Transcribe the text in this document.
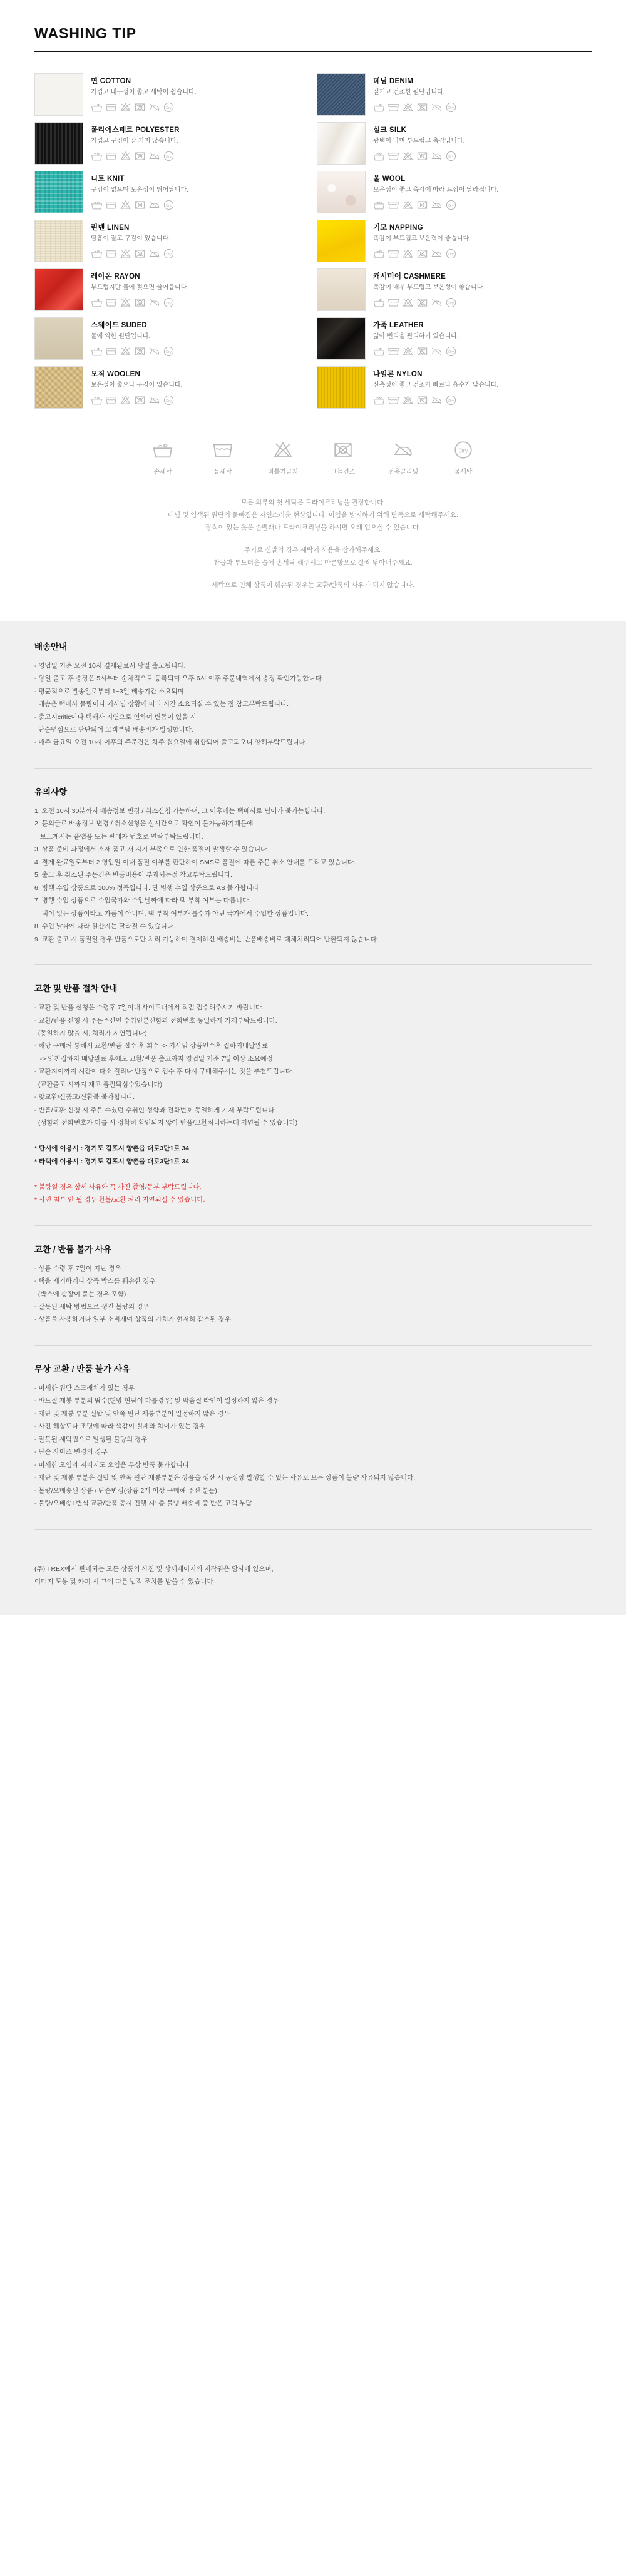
WASHING TIP
면 COTTON
가볍고 내구성이 좋고 세탁이 쉽습니다.
Dry
데님 DENIM
질기고 건조한 원단입니다.
Dry
폴리에스테르 POLYESTER
가볍고 구김이 잘 가지 않습니다.
Dry
실크 SILK
광택이 나며 부드럽고 촉감입니다.
Dry
니트 KNIT
구김이 없으며 보온성이 뛰어납니다.
Dry
울 WOOL
보온성이 좋고 촉감에 따라 느낌이 달라집니다.
Dry
린넨 LINEN
땀흡이 잘고 구김이 있습니다.
Dry
기모 NAPPING
촉감이 부드럽고 보온력이 좋습니다.
Dry
레이온 RAYON
부드럽지만 물에 젖으면 줄어듭니다.
Dry
캐시미어 CASHMERE
촉감이 매우 부드럽고 보온성이 좋습니다.
Dry
스웨이드 SUDED
물에 약한 원단입니다.
Dry
가죽 LEATHER
얇아 변리율 관리하기 있습니다.
Dry
모직 WOOLEN
보온성이 좋으나 구김이 있습니다.
Dry
나일론 NYLON
신축성이 좋고 건조가 빠르나 흡수가 낮습니다.
Dry
손세탁	물세탁	비틀기금지	그늘건조	전용클리닝
Dry
물세탁

모든 의류의 첫 세탁은 드라이크리닝을 권장합니다.

데님 및 염색된 원단의 물빠짐은 자연스러운 현상입니다. 이염을 방지하기 위해 단독으로 세탁해주세요.

장식이 있는 옷은 손빨래나 드라이크리닝을 하시면 오래 입으실 수 있습니다.

주기로 신발의 경우 세탁기 사용을 삼가해주세요.

찬물과 부드러운 솔에 손세탁 해주시고 마른항으로 살짝 닦아내주세요.

세탁으로 인해 상품이 훼손된 경우는 교환/반품의 사유가 되지 않습니다.

배송안내
- 영업일 기준 오전 10시 결제완료시 당일 출고됩니다.
- 당일 출고 후 송장은 5시부터 순차적으로 등록되며 오후 6시 이후 주문내역에서 송장 확인가능합니다.
- 평균적으로 발송일로부터 1~3일 배송기간 소요되며
배송은 택배사 물량이나 기사님 상황에 따라 시간 소요되실 수 있는 점 참고부탁드립니다.
- 출고시critic이나 택배사 지연으로 인하여 변동이 있을 시
단순변심으로 판단되어 고객부담 배송비가 발생합니다.
- 매주 금요일 오전 10시 이후의 주문건은 차주 월요일에 취합되어 출고되오니 양해부탁드립니다.
유의사항
1. 오전 10시 30분까지 배송정보 변경 / 취소신청 가능하며, 그 이후에는 택배사로 넘어가 불가능합니다.
2. 문의글로 배송정보 변경 / 취소신청은 실시간으로 확인이 불가능하기때문에
보고계시는 품앱품 또는 판매자 번호로 연락부탁드립니다.
3. 상품 준비 과정에서 소재 품고 재 지기 부족으로 인한 품절이 발생할 수 있습니다.
4. 결제 완료일로부터 2 영업일 이내 품절 여부를 판단하여 SMS로 품절에 따른 주문 취소 안내를 드리고 있습니다.
5. 출고 후 취소된 주문건은 반품비용이 부과되는점 참고부탁드립니다.
6. 병행 수입 상품으로 100% 정품입니다. 단 병행 수입 상품으로 AS 불가합니다
7. 병행 수입 상품으로 수입국가와 수입날짜에 따라 택 부착 여부는 다릅니다.
택이 없는 상품이라고 가품이 아니며, 택 부착 여부가 틀수가 아닌 국가에서 수입한 상품입니다.
8. 수입 날짜에 따라 원산지는 달라질 수 있습니다.
9. 교환 출고 시 품절일 경우 반품으로만 처리 가능하며 결제하신 배송비는 반품배송비로 대체처리되어 반환되지 않습니다.
교환 및 반품 절차 안내
- 교환 및 반품 신청은 수령후 7일이내 사이트내에서 직접 접수해주시기 바랍니다.
- 교환/반품 신청 시 주문주신인 수취인분신함과 전화번호 동일하게 기재부탁드립니다.
(동일하지 않을 시, 처리가 지연됩니다)
- 해당 구매처 통해서 교환/반품 접수 후 회수 -> 기사님 상품인수후 집하지배달완료
-> 인천집하지 배달완료 후에도 교환/반품 출고까지 영업일 기준 7일 이상 소요예정
- 교환지이까지 시간이 다소 걸리나 반품으로 접수 후 다시 구매해주시는 것을 추천드립니다.
(교환출고 시까지 재고 품절되심수있습니다)
- 맞교환/신품교/신환불 불가합니다.
- 반품/교환 신청 시 주문 수셨던 수취인 성함과 전화번호 동일하게 기재 부탁드립니다.
(성함과 전화번호가 다를 시 정확히 확인되지 않아 반품/교환처리하는데 지연될 수 있습니다)

* 단시에 이용시 : 경기도 김포시 양촌읍 대로3단1로 34
* 타택에 이용시 : 경기도 김포시 양촌읍 대로3단1로 34

* 불량일 경우 상세 사유와 꼭 사진 촬영/동부 부탁드립니다.
* 사진 첨부 안 될 경우 환불/교환 처리 지연되실 수 있습니다.
교환 / 반품 불가 사유
- 상품 수령 후 7일이 지난 경우
- 택을 제거하거나 상품 박스를 훼손한 경우
(박스에 송장이 붙는 경우 포함)
- 잘못된 세탁 방법으로 생긴 불량의 경우
- 상품을 사용하거나 일부 소비재여 상품의 가치가 현저히 감소된 경우
무상 교환 / 반품 불가 사유
- 미세한 원단 스크래치가 있는 경우
- 바느질 재봉 부분의 땀수(현망 현땀이 다를경우) 및 박음질 라인이 일정하지 않은 경우
- 재단 및 재봉 부분 실밥 및 안쪽 원단 재봉부분이 일정하지 많은 경우
- 사진 해상도나 조명에 따라 색감이 실제와 차이가 있는 경우
- 잘못된 세탁법으로 발생된 불량의 경우
- 단순 사이즈 변경의 경우
- 미세한 오염과 지퍼지도 오염은 무상 반품 불가합니다
- 재단 및 재봉 부분은 실밥 및 안쪽 원단 재봉부분은 상품을 생산 시 공정상 발생할 수 있는 사유로 모든 상품이 불량 사유되지 않습니다.
- 불량/오배송된 상품 / 단순변심(상품 2개 이상 구매해 주신 분들)
- 불량/오배송+변심 교환/반품 동시 진행 시: 총 불냉 배송비 중 반은 고객 부담
(주) TREX에서 판매되는 모든 상품의 사진 및 상세페이지의 저작권은 당사에 있으며,
이미지 도용 및 카피 시 그에 따른 법적 조치를 받을 수 있습니다.
